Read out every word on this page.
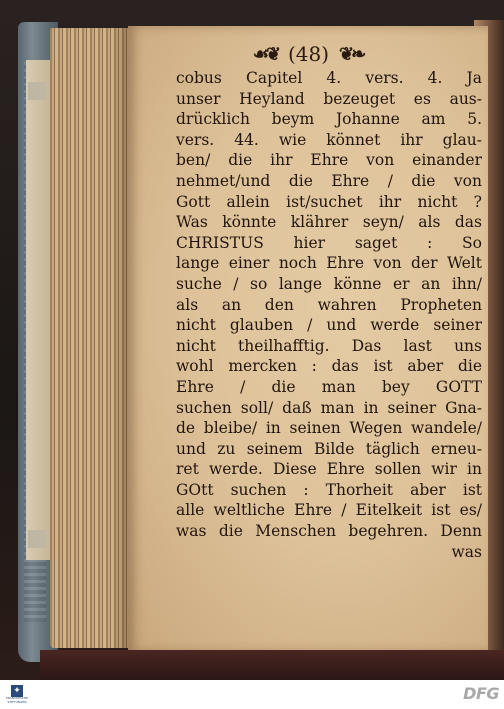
☙❦ (48) ❦❧
cobus Capitel 4. vers. 4. Ja
unser Heyland bezeuget es aus-
drücklich beym Johanne am 5.
vers. 44. wie könnet ihr glau-
ben/ die ihr Ehre von einander
nehmet/und die Ehre / die von
Gott allein ist/suchet ihr nicht ?
Was könnte klährer seyn/ als das
CHRISTUS hier saget : So
lange einer noch Ehre von der Welt
suche / so lange könne er an ihn/
als an den wahren Propheten
nicht glauben / und werde seiner
nicht theilhafftig. Das last uns
wohl mercken : das ist aber die
Ehre / die man bey GOTT
suchen soll/ daß man in seiner Gna-
de bleibe/ in seinen Wegen wandele/
und zu seinem Bilde täglich erneu-
ret werde. Diese Ehre sollen wir in
GOtt suchen : Thorheit aber ist
alle weltliche Ehre / Eitelkeit ist es/
was die Menschen begehren. Denn
was
✦
FRANCKESCHE
STIFTUNGEN	DFG
